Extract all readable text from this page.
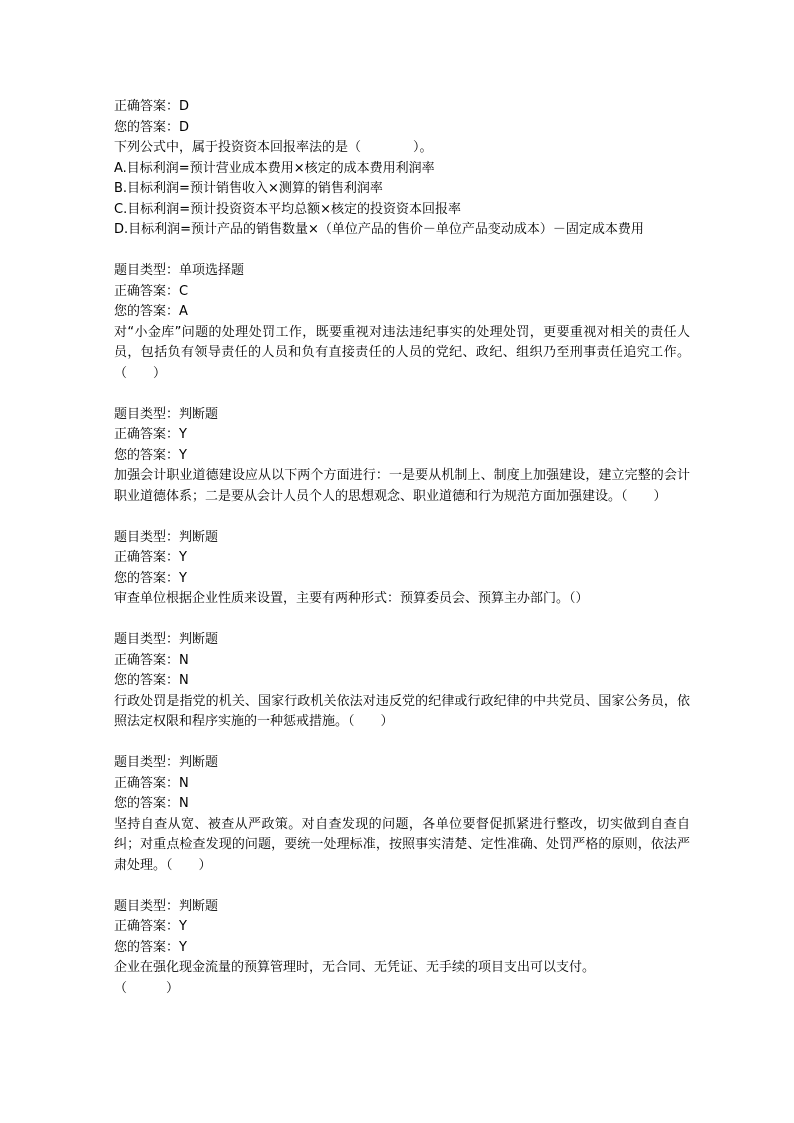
正确答案：D
您的答案：D
下列公式中，属于投资资本回报率法的是（　　　　）。
A.目标利润=预计营业成本费用×核定的成本费用利润率
B.目标利润=预计销售收入×测算的销售利润率
C.目标利润=预计投资资本平均总额×核定的投资资本回报率
D.目标利润=预计产品的销售数量×（单位产品的售价－单位产品变动成本）－固定成本费用
题目类型：单项选择题
正确答案：C
您的答案：A
对“小金库”问题的处理处罚工作，既要重视对违法违纪事实的处理处罚，更要重视对相关的责任人员，包括负有领导责任的人员和负有直接责任的人员的党纪、政纪、组织乃至刑事责任追究工作。（　　）
题目类型：判断题
正确答案：Y
您的答案：Y
加强会计职业道德建设应从以下两个方面进行：一是要从机制上、制度上加强建设，建立完整的会计职业道德体系；二是要从会计人员个人的思想观念、职业道德和行为规范方面加强建设。（　　）
题目类型：判断题
正确答案：Y
您的答案：Y
审查单位根据企业性质来设置，主要有两种形式：预算委员会、预算主办部门。（）
题目类型：判断题
正确答案：N
您的答案：N
行政处罚是指党的机关、国家行政机关依法对违反党的纪律或行政纪律的中共党员、国家公务员，依照法定权限和程序实施的一种惩戒措施。（　　）
题目类型：判断题
正确答案：N
您的答案：N
坚持自查从宽、被查从严政策。对自查发现的问题，各单位要督促抓紧进行整改，切实做到自查自纠；对重点检查发现的问题，要统一处理标准，按照事实清楚、定性准确、处罚严格的原则，依法严肃处理。（　　）
题目类型：判断题
正确答案：Y
您的答案：Y
企业在强化现金流量的预算管理时，无合同、无凭证、无手续的项目支出可以支付。
（　　　）
